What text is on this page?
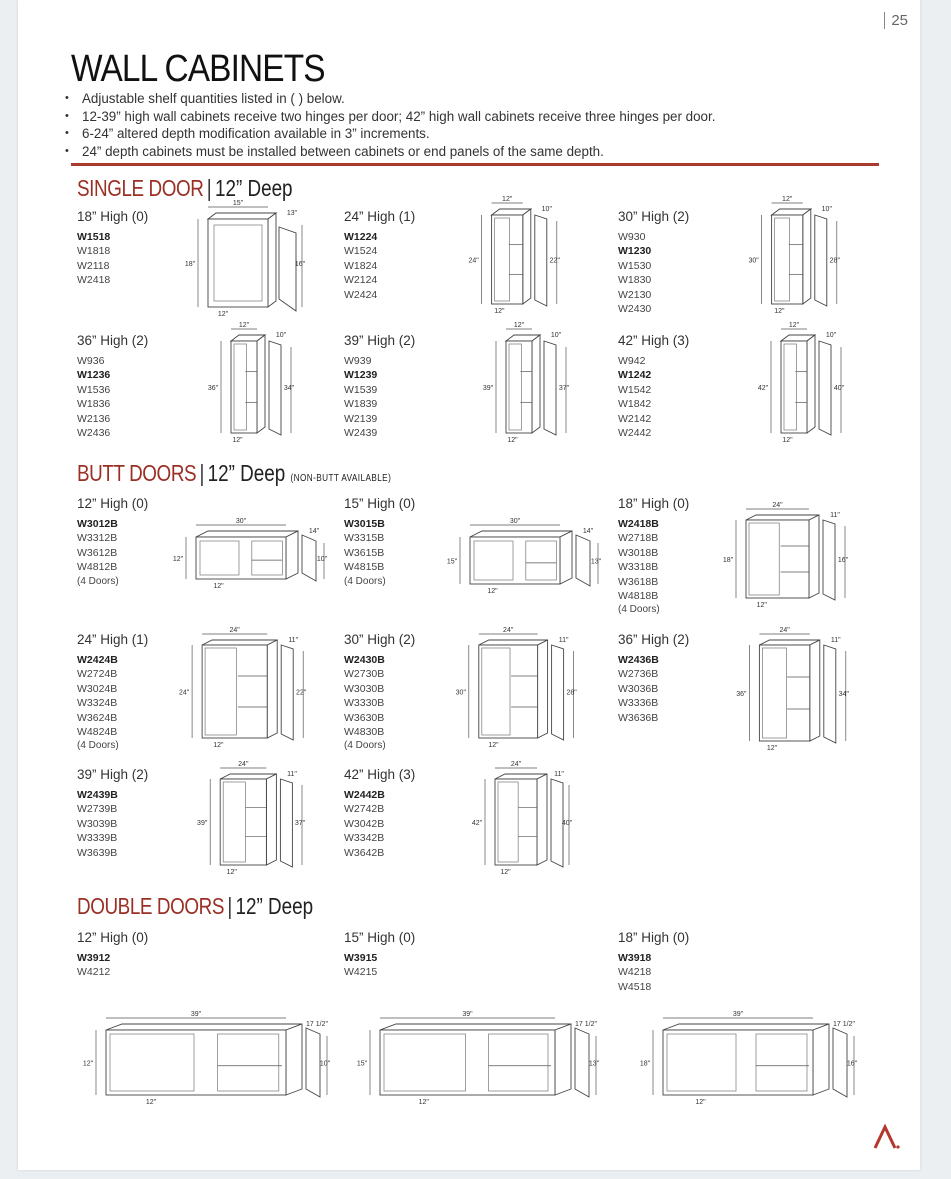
25
WALL CABINETS
• Adjustable shelf quantities listed in ( ) below.
• 12-39” high wall cabinets receive two hinges per door; 42” high wall cabinets receive three hinges per door.
• 6-24” altered depth modification available in 3” increments.
• 24” depth cabinets must be installed between cabinets or end panels of the same depth.
SINGLE DOOR | 12” Deep
18” High (0)
W1518
W1818
W2118
W2418
24” High (1)
W1224
W1524
W1824
W2124
W2424
30” High (2)
W930
W1230
W1530
W1830
W2130
W2430
36” High (2)
W936
W1236
W1536
W1836
W2136
W2436
39” High (2)
W939
W1239
W1539
W1839
W2139
W2439
42” High (3)
W942
W1242
W1542
W1842
W2142
W2442
18"
15"
12"
16"
13"
24"
12"
12"
22"
10"
30"
12"
12"
28"
10"
36"
12"
12"
34"
10"
39"
12"
12"
37"
10"
42"
12"
12"
40"
10"
BUTT DOORS | 12” Deep (NON-BUTT AVAILABLE)
12” High (0)
W3012B
W3312B
W3612B
W4812B
(4 Doors)
15” High (0)
W3015B
W3315B
W3615B
W4815B
(4 Doors)
18” High (0)
W2418B
W2718B
W3018B
W3318B
W3618B
W4818B
(4 Doors)
24” High (1)
W2424B
W2724B
W3024B
W3324B
W3624B
W4824B
(4 Doors)
30” High (2)
W2430B
W2730B
W3030B
W3330B
W3630B
W4830B
(4 Doors)
36” High (2)
W2436B
W2736B
W3036B
W3336B
W3636B
39” High (2)
W2439B
W2739B
W3039B
W3339B
W3639B
42” High (3)
W2442B
W2742B
W3042B
W3342B
W3642B
12"
30"
12"
10"
14"
15"
30"
12"
13"
14"
18"
24"
12"
16"
11"
24"
24"
12"
22"
11"
30"
24"
12"
28"
11"
36"
24"
12"
34"
11"
39"
24"
12"
37"
11"
42"
24"
12"
40"
11"
DOUBLE DOORS | 12” Deep
12” High (0)
W3912
W4212
15” High (0)
W3915
W4215
18” High (0)
W3918
W4218
W4518
12"
39"
12"
10"
17 1/2"
15"
39"
12"
13"
17 1/2"
18"
39"
12"
16"
17 1/2"
